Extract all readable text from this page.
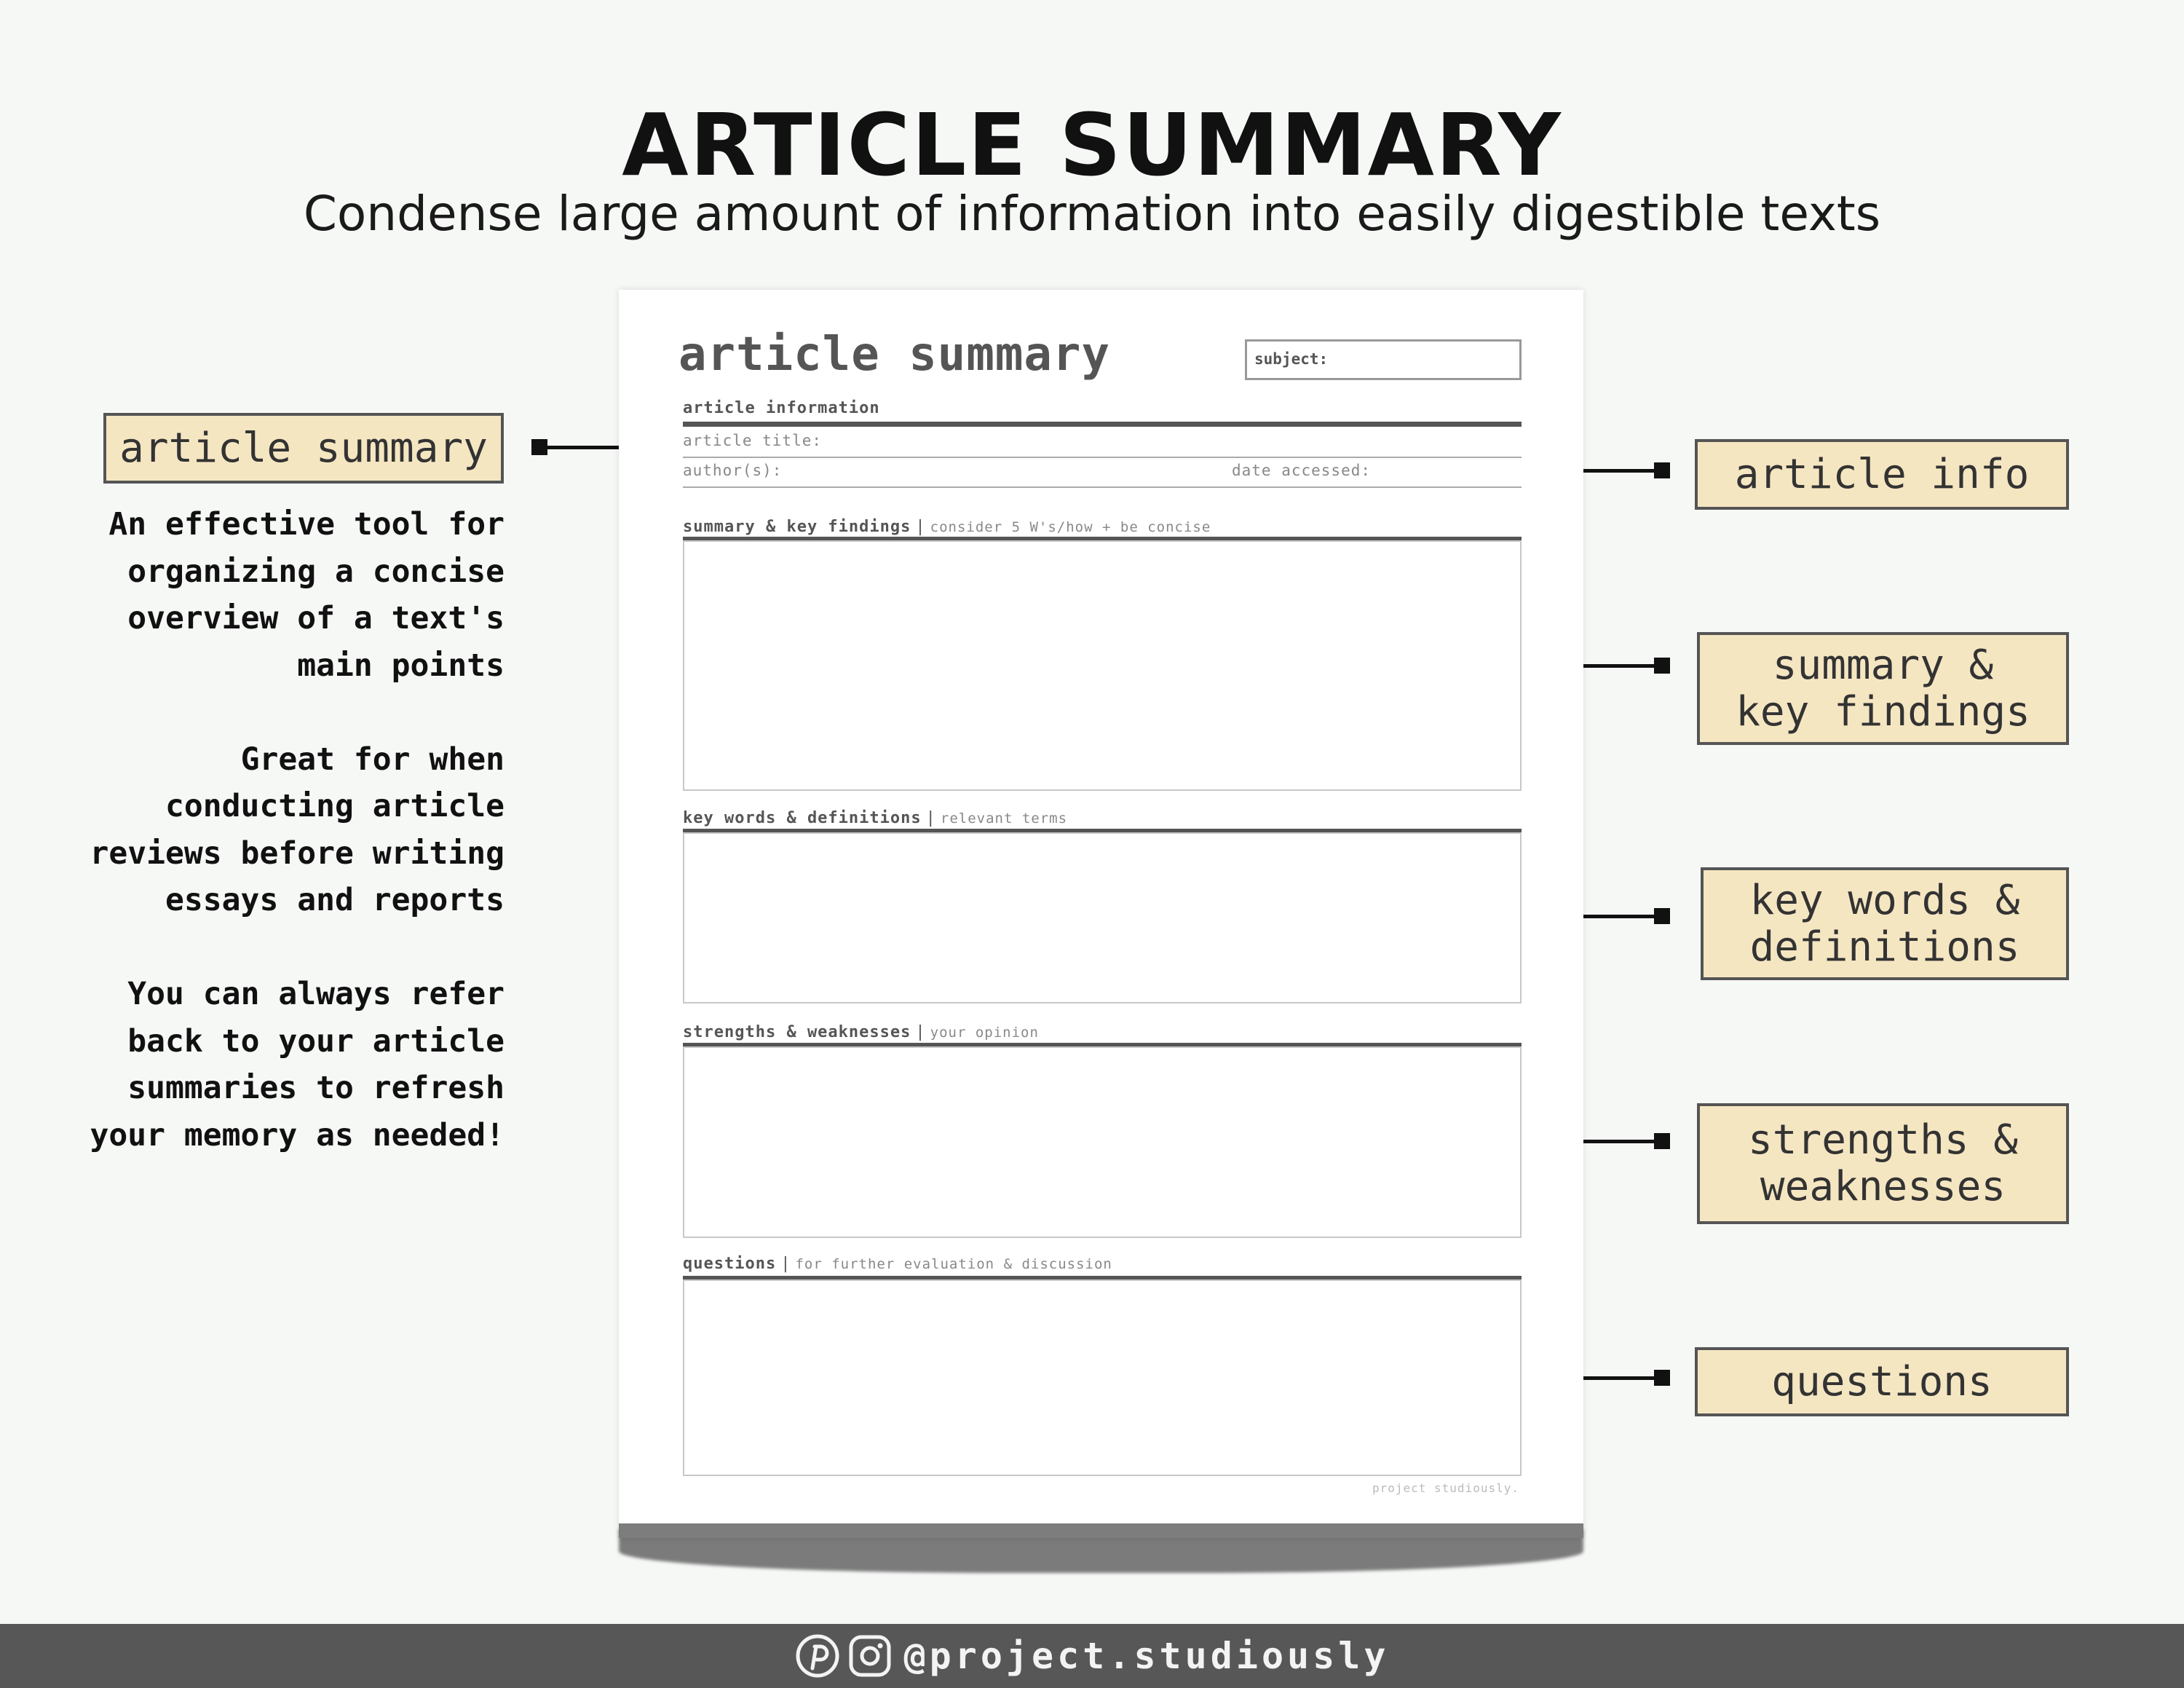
ARTICLE SUMMARY
Condense large amount of information into easily digestible texts
article summary

An effective tool for organizing a concise overview of a text's main points

Great for when conducting article reviews before writing essays and reports

You can always refer back to your article summaries to refresh your memory as needed!

article summary	subject:
article information
article title:
author(s):	date accessed:
summary & key findings | consider 5 W's/how + be concise
key words & definitions | relevant terms
strengths & weaknesses | your opinion
questions | for further evaluation & discussion
project studiously.
article info
summary & key findings
key words & definitions
strengths & weaknesses
questions
@project.studiously
